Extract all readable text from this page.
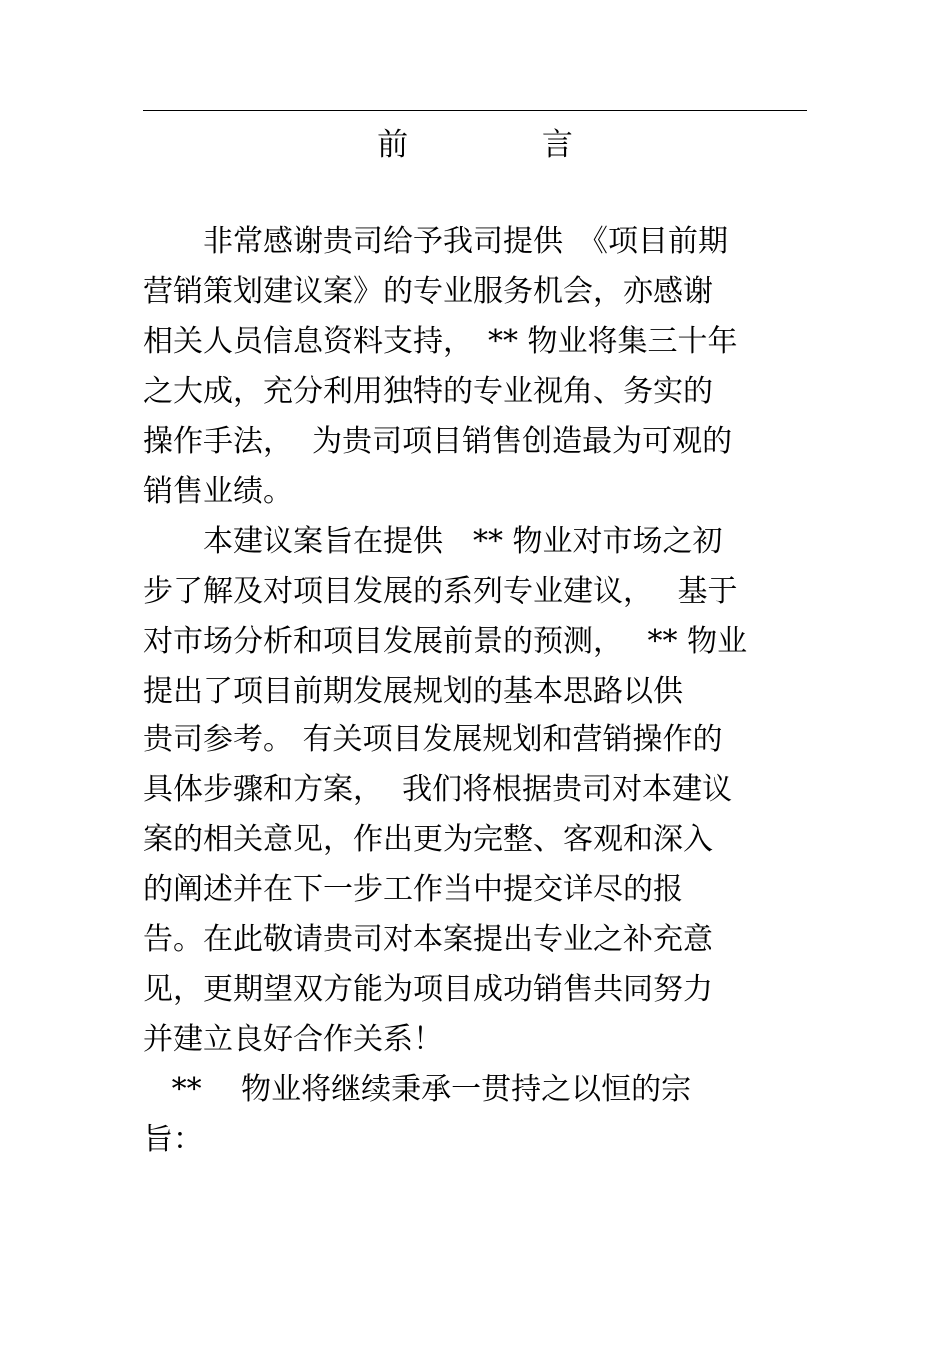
前 言
　　非常感谢贵司给予我司提供　《项目前期
营销策划建议案》的专业服务机会，亦感谢
相关人员信息资料支持，　** 物业将集三十年
之大成，充分利用独特的专业视角、务实的
操作手法，  为贵司项目销售创造最为可观的
销售业绩。
　　本建议案旨在提供　** 物业对市场之初
步了解及对项目发展的系列专业建议，　 基于
对市场分析和项目发展前景的预测，　 ** 物业
提出了项目前期发展规划的基本思路以供
贵司参考。 有关项目发展规划和营销操作的
具体步骤和方案，  我们将根据贵司对本建议
案的相关意见，作出更为完整、客观和深入
的阐述并在下一步工作当中提交详尽的报
告。在此敬请贵司对本案提出专业之补充意
见，更期望双方能为项目成功销售共同努力
并建立良好合作关系！
**　 物业将继续秉承一贯持之以恒的宗
旨：
